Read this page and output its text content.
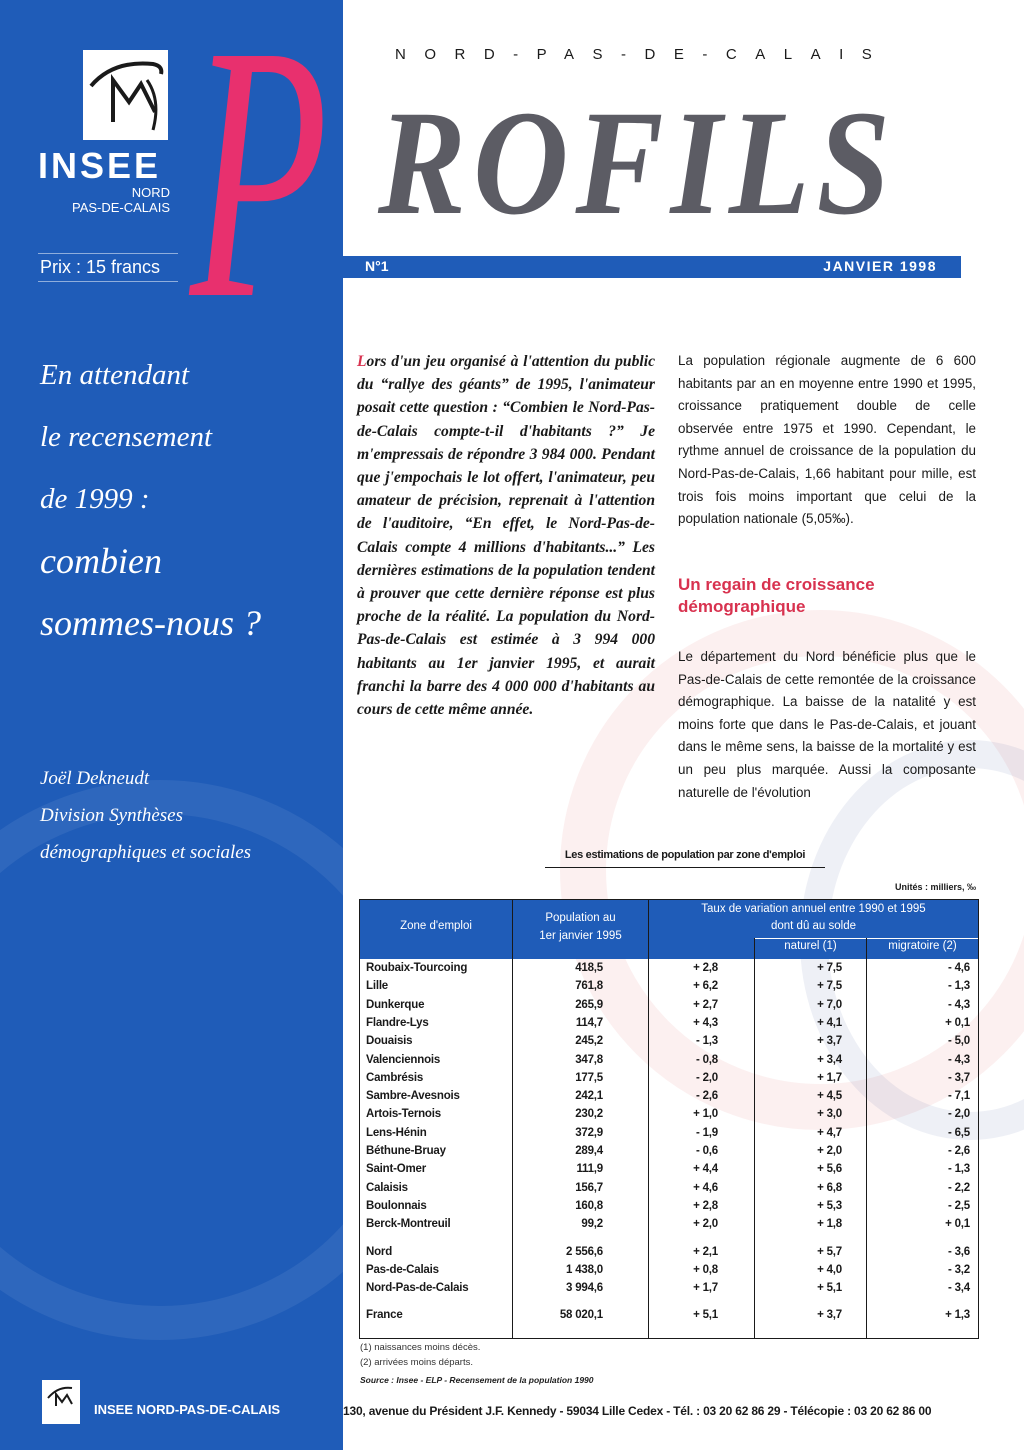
INSEE
NORD
PAS-DE-CALAIS
Prix : 15 francs
En attendant
le recensement
de 1999 :
combien
sommes-nous ?
Joël Dekneudt
Division Synthèses
démographiques et sociales
INSEE	INSEE NORD-PAS-DE-CALAIS
NORD-PAS-DE-CALAIS
P ROFILS
N°1	JANVIER 1998
Lors d'un jeu organisé à l'attention du public du “rallye des géants” de 1995, l'animateur posait cette question : “Combien le Nord-Pas-de-Calais compte-t-il d'habitants ?” Je m'empressais de répondre 3 984 000. Pendant que j'empochais le lot offert, l'animateur, peu amateur de précision, reprenait à l'attention de l'auditoire, “En effet, le Nord-Pas-de-Calais compte 4 millions d'habitants...” Les dernières estimations de la population tendent à prouver que cette dernière réponse est plus proche de la réalité. La population du Nord-Pas-de-Calais est estimée à 3 994 000 habitants au 1er janvier 1995, et aurait franchi la barre des 4 000 000 d'habitants au cours de cette même année.
La population régionale augmente de 6 600 habitants par an en moyenne entre 1990 et 1995, croissance pratiquement double de celle observée entre 1975 et 1990. Cependant, le rythme annuel de croissance de la population du Nord-Pas-de-Calais, 1,66 habitant pour mille, est trois fois moins important que celui de la population nationale (5,05‰).
Un regain de croissance démographique
Le département du Nord bénéficie plus que le Pas-de-Calais de cette remontée de la croissance démographique. La baisse de la natalité y est moins forte que dans le Pas-de-Calais, et jouant dans le même sens, la baisse de la mortalité y est un peu plus marquée. Aussi la composante naturelle de l'évolution
Les estimations de population par zone d'emploi
Unités : milliers, ‰
Zone d'emploi
Population au
1er janvier 1995
Taux de variation annuel entre 1990 et 1995
dont dû au solde
naturel (1)	migratoire (2)
Roubaix-Tourcoing	418,5	+ 2,8	+ 7,5	- 4,6
Lille	761,8	+ 6,2	+ 7,5	- 1,3
Dunkerque	265,9	+ 2,7	+ 7,0	- 4,3
Flandre-Lys	114,7	+ 4,3	+ 4,1	+ 0,1
Douaisis	245,2	- 1,3	+ 3,7	- 5,0
Valenciennois	347,8	- 0,8	+ 3,4	- 4,3
Cambrésis	177,5	- 2,0	+ 1,7	- 3,7
Sambre-Avesnois	242,1	- 2,6	+ 4,5	- 7,1
Artois-Ternois	230,2	+ 1,0	+ 3,0	- 2,0
Lens-Hénin	372,9	- 1,9	+ 4,7	- 6,5
Béthune-Bruay	289,4	- 0,6	+ 2,0	- 2,6
Saint-Omer	111,9	+ 4,4	+ 5,6	- 1,3
Calaisis	156,7	+ 4,6	+ 6,8	- 2,2
Boulonnais	160,8	+ 2,8	+ 5,3	- 2,5
Berck-Montreuil	99,2	+ 2,0	+ 1,8	+ 0,1
Nord	2 556,6	+ 2,1	+ 5,7	- 3,6
Pas-de-Calais	1 438,0	+ 0,8	+ 4,0	- 3,2
Nord-Pas-de-Calais	3 994,6	+ 1,7	+ 5,1	- 3,4
France	58 020,1	+ 5,1	+ 3,7	+ 1,3
(1) naissances moins décès.
(2) arrivées moins départs.
Source : Insee - ELP - Recensement de la population 1990
130, avenue du Président J.F. Kennedy - 59034 Lille Cedex - Tél. : 03 20 62 86 29 - Télécopie : 03 20 62 86 00
